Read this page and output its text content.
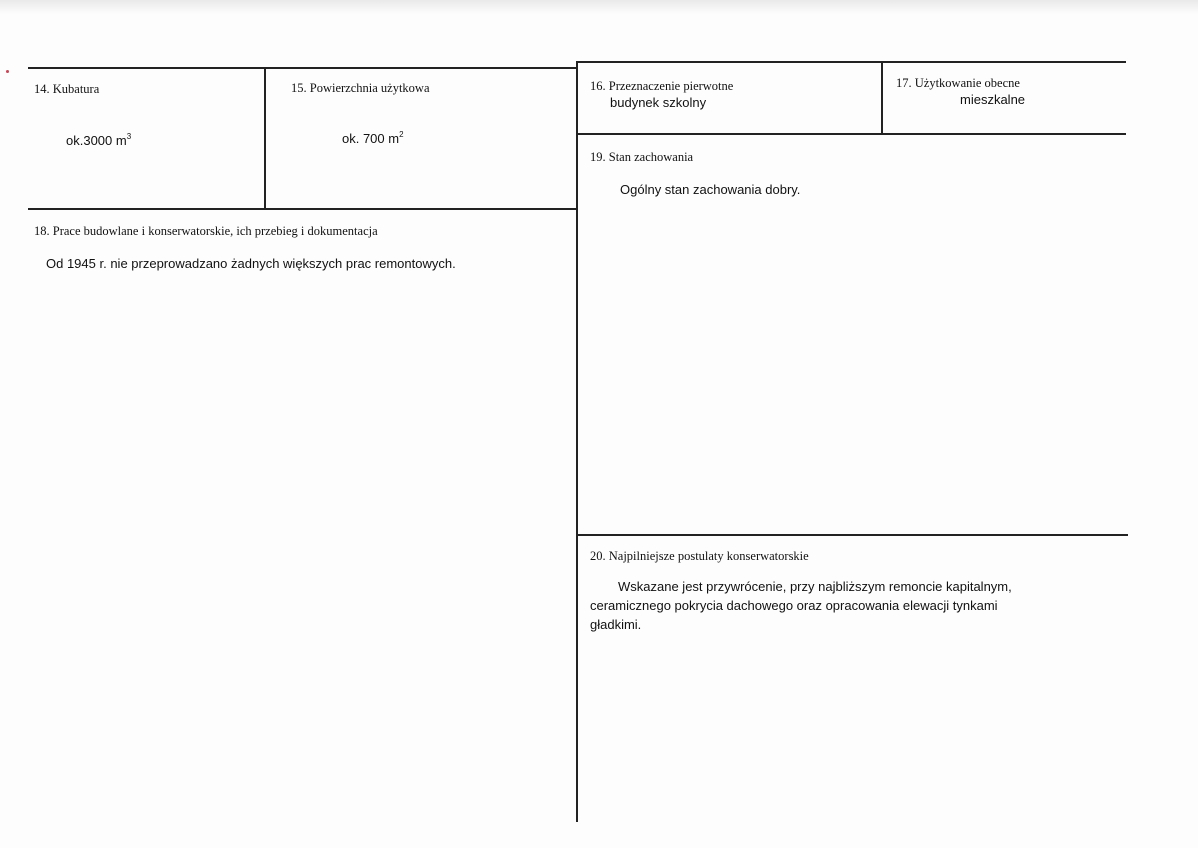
14. Kubatura
ok.3000 $m^3$
15. Powierzchnia użytkowa
ok. 700 $m^2$
16. Przeznaczenie pierwotne
budynek szkolny
17. Użytkowanie obecne
mieszkalne
18. Prace budowlane i konserwatorskie, ich przebieg i dokumentacja
Od 1945 r. nie przeprowadzano żadnych większych prac remontowych.
19. Stan zachowania
Ogólny stan zachowania dobry.
20. Najpilniejsze postulaty konserwatorskie
Wskazane jest przywrócenie, przy najbliższym remoncie kapitalnym,
ceramicznego pokrycia dachowego oraz opracowania elewacji tynkami
gładkimi.
